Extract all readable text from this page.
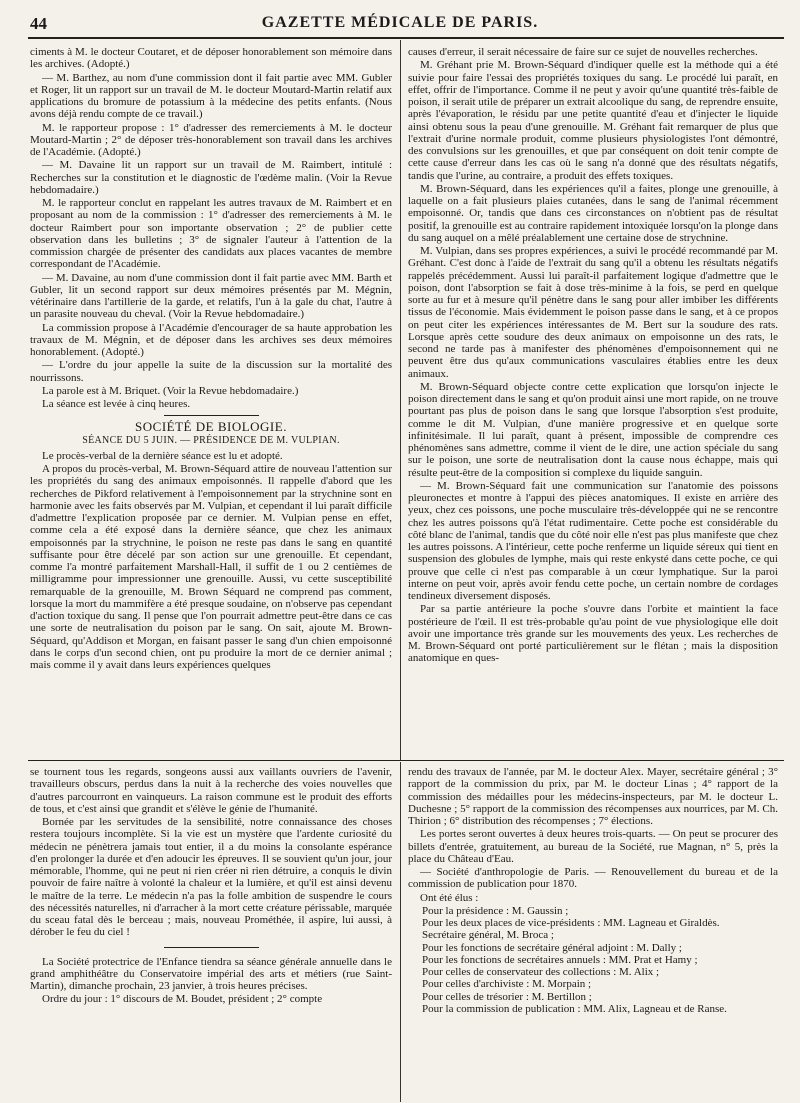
44	GAZETTE MÉDICALE DE PARIS.

ciments à M. le docteur Coutaret, et de déposer honorablement son mémoire dans les archives. (Adopté.)

— M. Barthez, au nom d'une commission dont il fait partie avec MM. Gubler et Roger, lit un rapport sur un travail de M. le docteur Moutard-Martin relatif aux applications du bromure de potassium à la médecine des petits enfants. (Nous avons déjà rendu compte de ce travail.)

M. le rapporteur propose : 1° d'adresser des remerciements à M. le docteur Moutard-Martin ; 2° de déposer très-honorablement son travail dans les archives de l'Académie. (Adopté.)

— M. Davaine lit un rapport sur un travail de M. Raimbert, intitulé : Recherches sur la constitution et le diagnostic de l'œdème malin. (Voir la Revue hebdomadaire.)

M. le rapporteur conclut en rappelant les autres travaux de M. Raimbert et en proposant au nom de la commission : 1° d'adresser des remerciements à M. le docteur Raimbert pour son importante observation ; 2° de publier cette observation dans les bulletins ; 3° de signaler l'auteur à l'attention de la commission chargée de présenter des candidats aux places vacantes de membre correspondant de l'Académie.

— M. Davaine, au nom d'une commission dont il fait partie avec MM. Barth et Gubler, lit un second rapport sur deux mémoires présentés par M. Mégnin, vétérinaire dans l'artillerie de la garde, et relatifs, l'un à la gale du chat, l'autre à un parasite nouveau du cheval. (Voir la Revue hebdomadaire.)

La commission propose à l'Académie d'encourager de sa haute approbation les travaux de M. Mégnin, et de déposer dans les archives ses deux mémoires honorablement. (Adopté.)

— L'ordre du jour appelle la suite de la discussion sur la mortalité des nourrissons.

La parole est à M. Briquet. (Voir la Revue hebdomadaire.)

La séance est levée à cinq heures.

SOCIÉTÉ DE BIOLOGIE.
SÉANCE DU 5 JUIN. — PRÉSIDENCE DE M. VULPIAN.

Le procès-verbal de la dernière séance est lu et adopté.

A propos du procès-verbal, M. Brown-Séquard attire de nouveau l'attention sur les propriétés du sang des animaux empoisonnés. Il rappelle d'abord que les recherches de Pikford relativement à l'empoisonnement par la strychnine sont en harmonie avec les faits observés par M. Vulpian, et cependant il lui paraît difficile d'admettre l'explication proposée par ce dernier. M. Vulpian pense en effet, comme cela a été exposé dans la dernière séance, que chez les animaux empoisonnés par la strychnine, le poison ne reste pas dans le sang en quantité suffisante pour être décelé par son action sur une grenouille. Et cependant, comme l'a montré parfaitement Marshall-Hall, il suffit de 1 ou 2 centièmes de milligramme pour impressionner une grenouille. Aussi, vu cette susceptibilité remarquable de la grenouille, M. Brown Séquard ne comprend pas comment, lorsque la mort du mammifère a été presque soudaine, on n'observe pas cependant d'action toxique du sang. Il pense que l'on pourrait admettre peut-être dans ce cas une sorte de neutralisation du poison par le sang. On sait, ajoute M. Brown-Séquard, qu'Addison et Morgan, en faisant passer le sang d'un chien empoisonné dans le corps d'un second chien, ont pu produire la mort de ce dernier animal ; mais comme il y avait dans leurs expériences quelques

causes d'erreur, il serait nécessaire de faire sur ce sujet de nouvelles recherches.

M. Gréhant prie M. Brown-Séquard d'indiquer quelle est la méthode qui a été suivie pour faire l'essai des propriétés toxiques du sang. Le procédé lui paraît, en effet, offrir de l'importance. Comme il ne peut y avoir qu'une quantité très-faible de poison, il serait utile de préparer un extrait alcoolique du sang, de reprendre ensuite, après l'évaporation, le résidu par une petite quantité d'eau et d'injecter le liquide ainsi obtenu sous la peau d'une grenouille. M. Gréhant fait remarquer de plus que l'extrait d'urine normale produit, comme plusieurs physiologistes l'ont démontré, des convulsions sur les grenouilles, et que par conséquent on doit tenir compte de cette cause d'erreur dans les cas où le sang n'a donné que des résultats négatifs, tandis que l'urine, au contraire, a produit des effets toxiques.

M. Brown-Séquard, dans les expériences qu'il a faites, plonge une grenouille, à laquelle on a fait plusieurs plaies cutanées, dans le sang de l'animal récemment empoisonné. Or, tandis que dans ces circonstances on n'obtient pas de résultat positif, la grenouille est au contraire rapidement intoxiquée lorsqu'on la plonge dans du sang auquel on a mêlé préalablement une certaine dose de strychnine.

M. Vulpian, dans ses propres expériences, a suivi le procédé recommandé par M. Gréhant. C'est donc à l'aide de l'extrait du sang qu'il a obtenu les résultats négatifs rappelés précédemment. Aussi lui paraît-il parfaitement logique d'admettre que le poison, dont l'absorption se fait à dose très-minime à la fois, se perd en quelque sorte au fur et à mesure qu'il pénètre dans le sang pour aller imbiber les différents tissus de l'économie. Mais évidemment le poison passe dans le sang, et à ce propos on peut citer les expériences intéressantes de M. Bert sur la soudure des rats. Lorsque après cette soudure des deux animaux on empoisonne un des rats, le second ne tarde pas à manifester des phénomènes d'empoisonnement qui ne peuvent être dus qu'aux communications vasculaires établies entre les deux animaux.

M. Brown-Séquard objecte contre cette explication que lorsqu'on injecte le poison directement dans le sang et qu'on produit ainsi une mort rapide, on ne trouve pourtant pas plus de poison dans le sang que lorsque l'absorption s'est produite, comme le dit M. Vulpian, d'une manière progressive et en quelque sorte infinitésimale. Il lui paraît, quant à présent, impossible de comprendre ces phénomènes sans admettre, comme il vient de le dire, une action spéciale du sang sur le poison, une sorte de neutralisation dont la cause nous échappe, mais qui résulte peut-être de la composition si complexe du liquide sanguin.

— M. Brown-Séquard fait une communication sur l'anatomie des poissons pleuronectes et montre à l'appui des pièces anatomiques. Il existe en arrière des yeux, chez ces poissons, une poche musculaire très-développée qui ne se rencontre chez les autres poissons qu'à l'état rudimentaire. Cette poche est considérable du côté blanc de l'animal, tandis que du côté noir elle n'est pas plus manifeste que chez les autres poissons. A l'intérieur, cette poche renferme un liquide séreux qui tient en suspension des globules de lymphe, mais qui reste enkysté dans cette poche, ce qui prouve que celle ci n'est pas comparable à un cœur lymphatique. Sur la paroi interne on peut voir, après avoir fendu cette poche, un certain nombre de cordages tendineux diversement disposés.

Par sa partie antérieure la poche s'ouvre dans l'orbite et maintient la face postérieure de l'œil. Il est très-probable qu'au point de vue physiologique elle doit avoir une importance très grande sur les mouvements des yeux. Les recherches de M. Brown-Séquard ont porté particulièrement sur le flétan ; mais la disposition anatomique en ques-

se tournent tous les regards, songeons aussi aux vaillants ouvriers de l'avenir, travailleurs obscurs, perdus dans la nuit à la recherche des voies nouvelles que d'autres parcourront en vainqueurs. La raison commune est le produit des efforts de tous, et c'est ainsi que grandit et s'élève le génie de l'humanité.

Bornée par les servitudes de la sensibilité, notre connaissance des choses restera toujours incomplète. Si la vie est un mystère que l'ardente curiosité du médecin ne pénètrera jamais tout entier, il a du moins la consolante espérance d'en prolonger la durée et d'en adoucir les épreuves. Il se souvient qu'un jour, jour mémorable, l'homme, qui ne peut ni rien créer ni rien détruire, a conquis le divin pouvoir de faire naître à volonté la chaleur et la lumière, et qu'il est ainsi devenu le maître de la terre. Le médecin n'a pas la folle ambition de suspendre le cours des nécessités naturelles, ni d'arracher à la mort cette créature périssable, marquée du sceau fatal dès le berceau ; mais, nouveau Prométhée, il aspire, lui aussi, à dérober le feu du ciel !

La Société protectrice de l'Enfance tiendra sa séance générale annuelle dans le grand amphithéâtre du Conservatoire impérial des arts et métiers (rue Saint-Martin), dimanche prochain, 23 janvier, à trois heures précises.

Ordre du jour : 1° discours de M. Boudet, président ; 2° compte

rendu des travaux de l'année, par M. le docteur Alex. Mayer, secrétaire général ; 3° rapport de la commission du prix, par M. le docteur Linas ; 4° rapport de la commission des médailles pour les médecins-inspecteurs, par M. le docteur L. Duchesne ; 5° rapport de la commission des récompenses aux nourrices, par M. Ch. Thirion ; 6° distribution des récompenses ; 7° élections.

Les portes seront ouvertes à deux heures trois-quarts. — On peut se procurer des billets d'entrée, gratuitement, au bureau de la Société, rue Magnan, n° 5, près la place du Château d'Eau.

— Société d'anthropologie de Paris. — Renouvellement du bureau et de la commission de publication pour 1870.

Ont été élus :

Pour la présidence : M. Gaussin ;

Pour les deux places de vice-présidents : MM. Lagneau et Giraldès.

Secrétaire général, M. Broca ;

Pour les fonctions de secrétaire général adjoint : M. Dally ;

Pour les fonctions de secrétaires annuels : MM. Prat et Hamy ;

Pour celles de conservateur des collections : M. Alix ;

Pour celles d'archiviste : M. Morpain ;

Pour celles de trésorier : M. Bertillon ;

Pour la commission de publication : MM. Alix, Lagneau et de Ranse.
